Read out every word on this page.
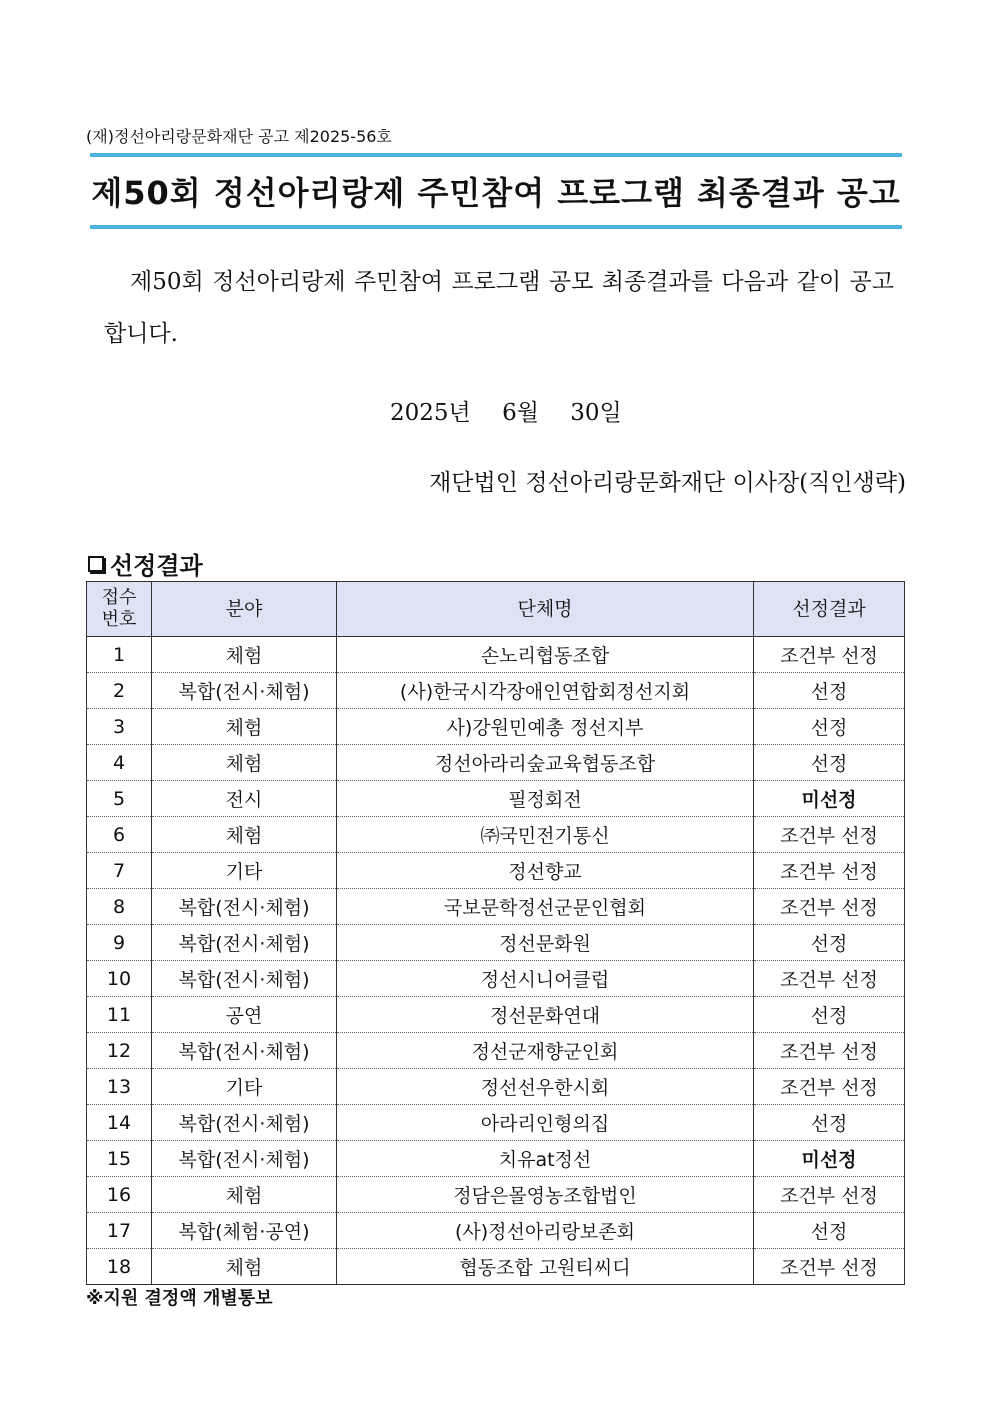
(재)정선아리랑문화재단 공고 제2025-56호
제50회 정선아리랑제 주민참여 프로그램 최종결과 공고
제50회 정선아리랑제 주민참여 프로그램 공모 최종결과를 다음과 같이 공고합니다.
2025년 6월 30일
재단법인 정선아리랑문화재단 이사장(직인생략)
선정결과
접수
번호	분야	단체명	선정결과
1	체험	손노리협동조합	조건부 선정
2	복합(전시·체험)	(사)한국시각장애인연합회정선지회	선정
3	체험	사)강원민예총 정선지부	선정
4	체험	정선아라리숲교육협동조합	선정
5	전시	필정회전	미선정
6	체험	㈜국민전기통신	조건부 선정
7	기타	정선향교	조건부 선정
8	복합(전시·체험)	국보문학정선군문인협회	조건부 선정
9	복합(전시·체험)	정선문화원	선정
10	복합(전시·체험)	정선시니어클럽	조건부 선정
11	공연	정선문화연대	선정
12	복합(전시·체험)	정선군재향군인회	조건부 선정
13	기타	정선선우한시회	조건부 선정
14	복합(전시·체험)	아라리인형의집	선정
15	복합(전시·체험)	치유at정선	미선정
16	체험	정담은몰영농조합법인	조건부 선정
17	복합(체험·공연)	(사)정선아리랑보존회	선정
18	체험	협동조합 고원티씨디	조건부 선정
※지원 결정액 개별통보
